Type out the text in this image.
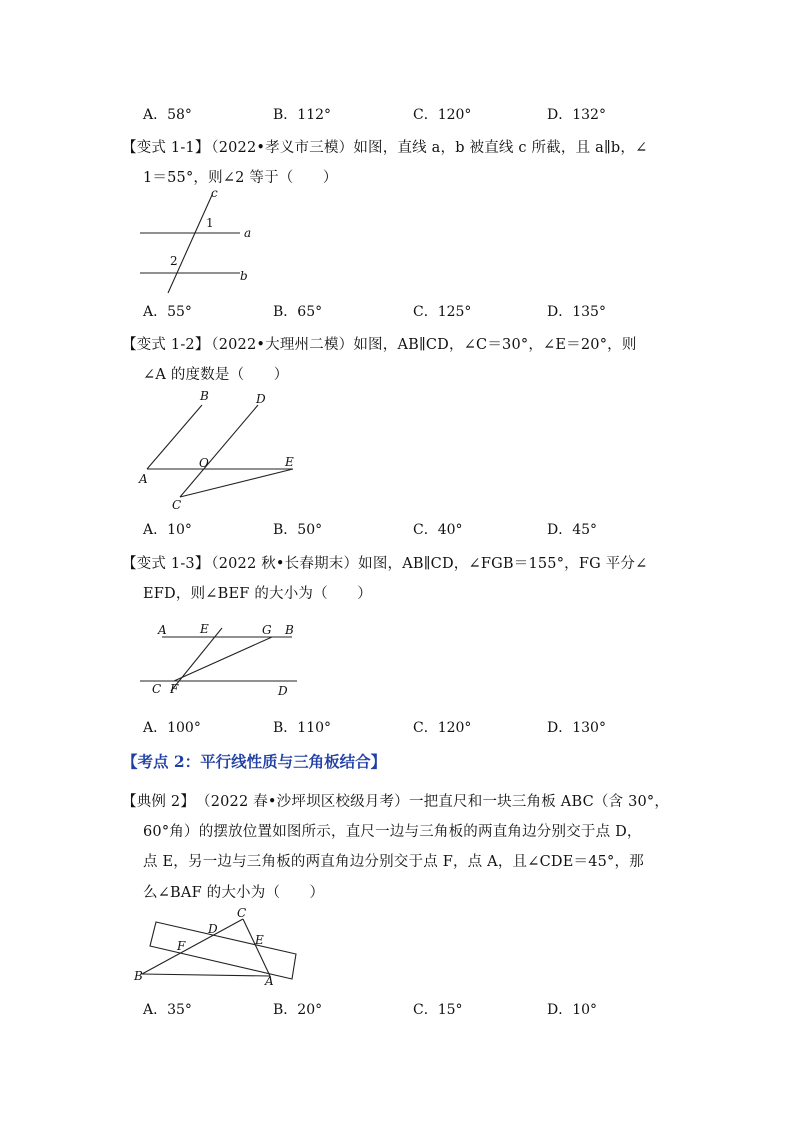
A．58°	B．112°	C．120°	D．132°
【变式 1-1】
（2022•孝义市三模）如图，直线 a，b 被直线 c 所截，且 a∥b，∠
1＝55°，则∠2 等于（　　）
c
1
a
2
b
A．55°	B．65°	C．125°	D．135°
【变式 1-2】
（2022•大理州二模）如图，AB∥CD，∠C＝30°，∠E＝20°，则
∠A 的度数是（　　）
B	D
O	E
A
C
A．10°	B．50°	C．40°	D．45°
【变式 1-3】
（2022 秋•长春期末）如图，AB∥CD，∠FGB＝155°，FG 平分∠
EFD，则∠BEF 的大小为（　　）
A	E	G B
C F	D
A．100°	B．110°	C．120°	D．130°
【考点 2：平行线性质与三角板结合】
【典例 2】 （2022 春•沙坪坝区校级月考）一把直尺和一块三角板 ABC（含 30°，
60°角）的摆放位置如图所示，直尺一边与三角板的两直角边分别交于点 D，
点 E，另一边与三角板的两直角边分别交于点 F，点 A，且∠CDE＝45°，那
么∠BAF 的大小为（　　）
C
D
E
F
B	A
A．35°	B．20°	C．15°	D．10°
